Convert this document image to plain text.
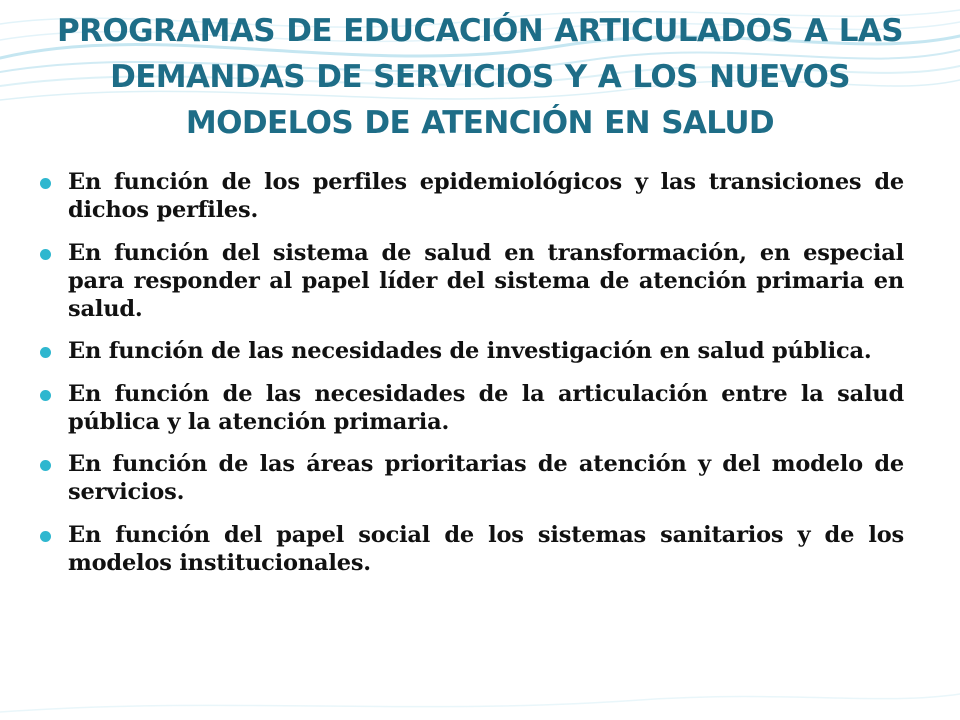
PROGRAMAS DE EDUCACIÓN ARTICULADOS A LAS DEMANDAS DE SERVICIOS Y A LOS NUEVOS MODELOS DE ATENCIÓN EN SALUD
En función de los perfiles epidemiológicos y las transiciones de dichos perfiles.
En función del sistema de salud en transformación, en especial para responder al papel líder del sistema de atención primaria en salud.
En función de las necesidades de investigación en salud pública.
En función de las necesidades de la articulación entre la salud pública y la atención primaria.
En función de las áreas prioritarias de atención y del modelo de servicios.
En función del papel social de los sistemas sanitarios y de los modelos institucionales.
